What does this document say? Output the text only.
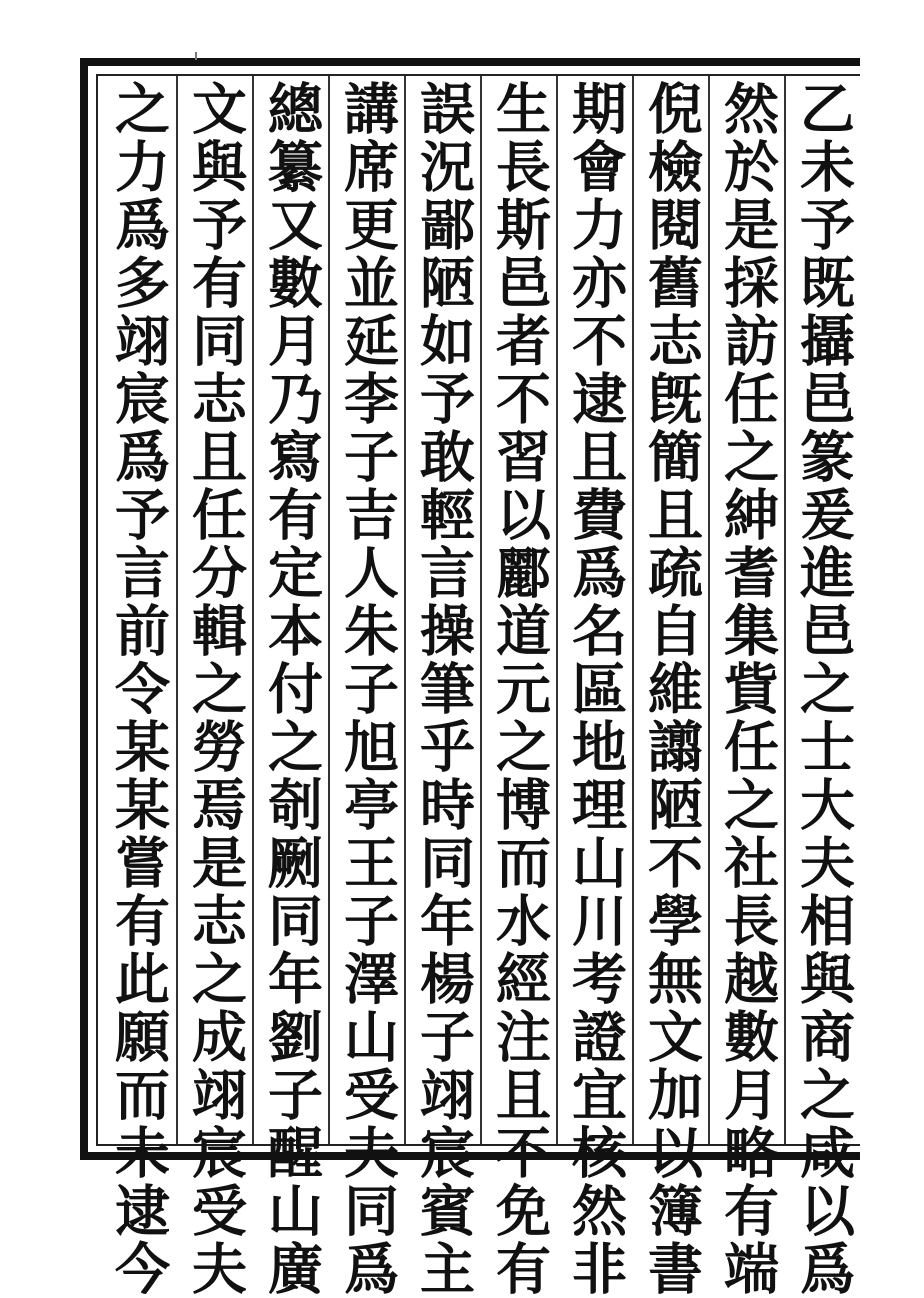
乙未予既攝邑篆爰進邑之士大夫相與商之咸以爲
然於是採訪任之紳耆集貲任之社長越數月略有端
倪檢閱舊志旣簡且疏自維譾陋不學無文加以簿書
期會力亦不逮且費爲名區地理山川考證宜核然非
生長斯邑者不習以酈道元之博而水經注且不免有
誤況鄙陋如予敢輕言操筆乎時同年楊子翊宸賓主
講席更並延李子吉人朱子旭亭王子澤山受夫同爲
總纂又數月乃寫有定本付之剞劂同年劉子醒山廣
文與予有同志且任分輯之勞焉是志之成翊宸受夫
之力爲多翊宸爲予言前令某某嘗有此願而未逮今
